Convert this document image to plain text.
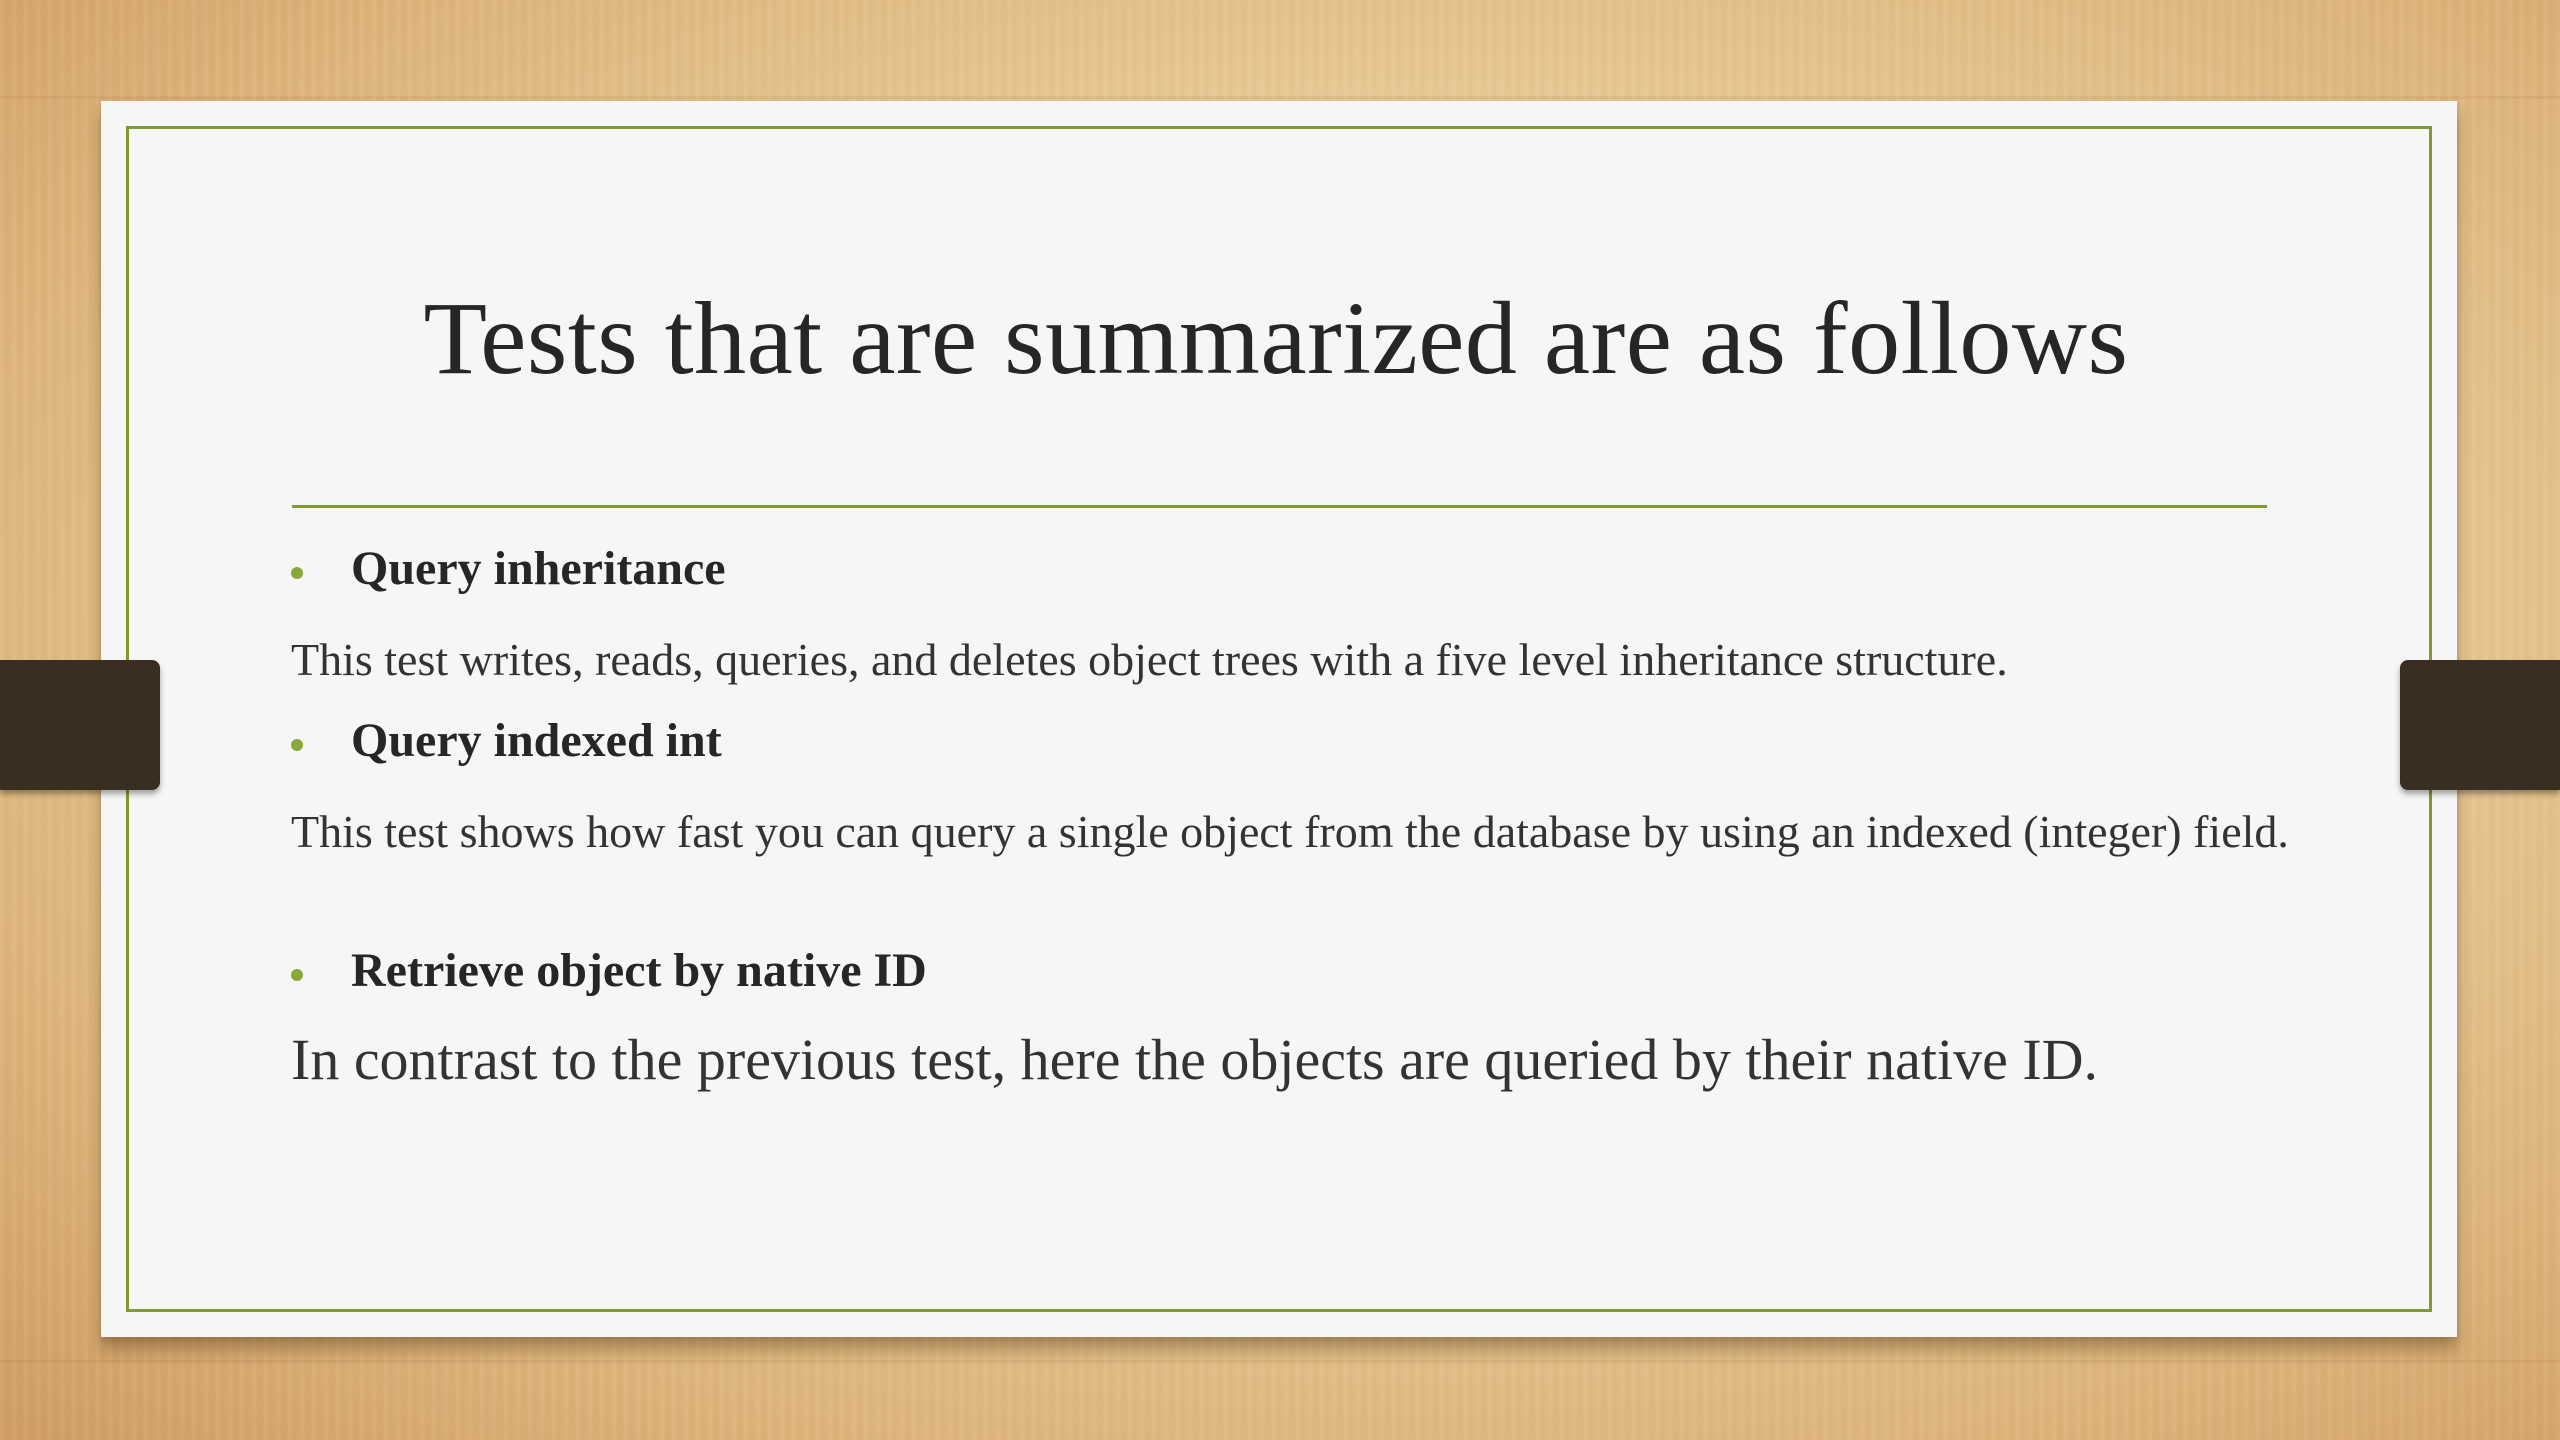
Tests that are summarized are as follows
Query inheritance

This test writes, reads, queries, and deletes object trees with a five level inheritance structure.

Query indexed int

This test shows how fast you can query a single object from the database by using an indexed (integer) field.

Retrieve object by native ID

In contrast to the previous test, here the objects are queried by their native ID.
